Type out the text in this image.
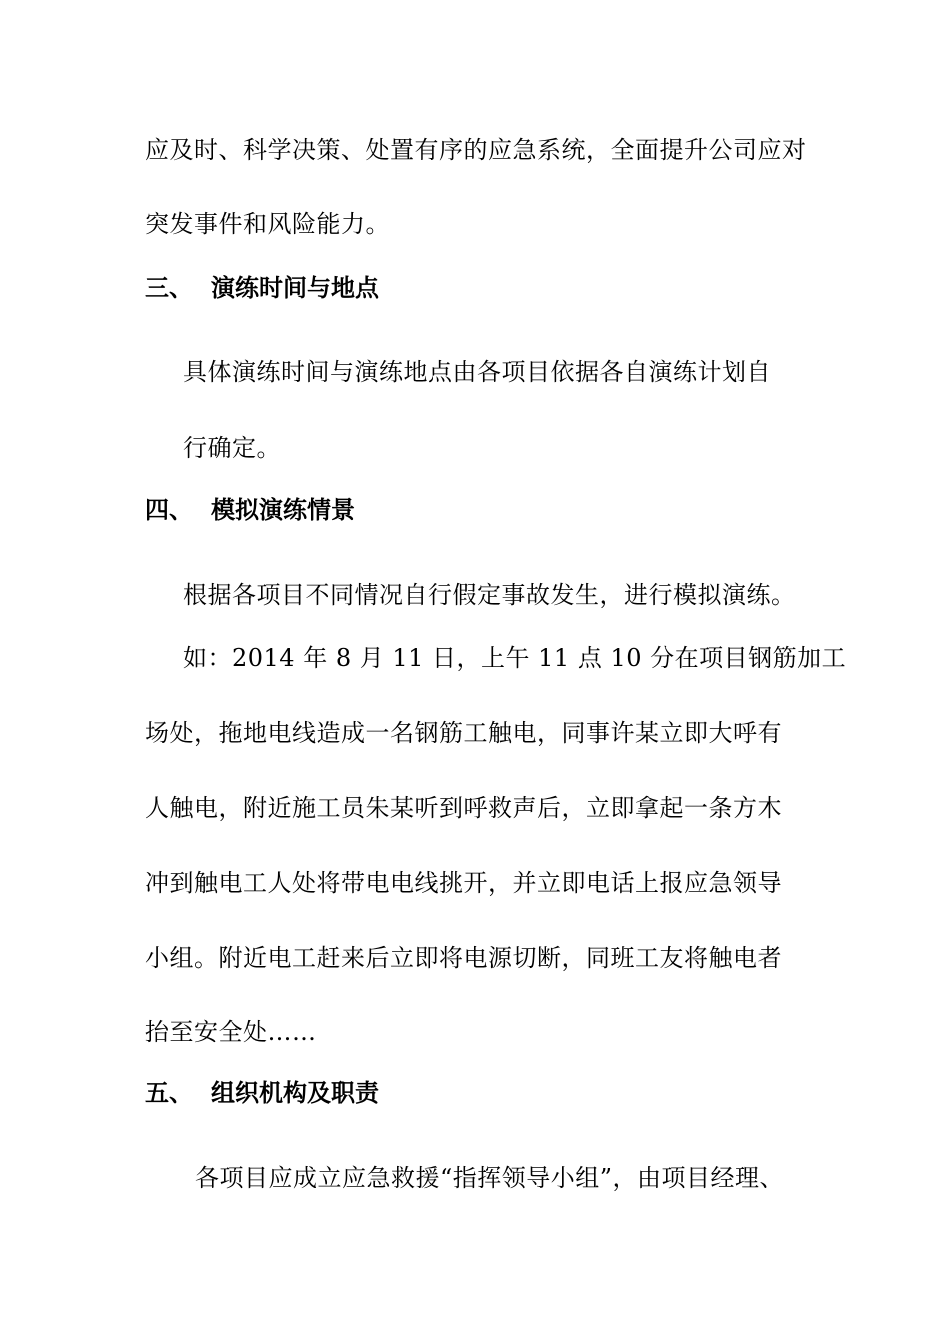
应及时、科学决策、处置有序的应急系统，全面提升公司应对
突发事件和风险能力。
三、 演练时间与地点
具体演练时间与演练地点由各项目依据各自演练计划自
行确定。
四、 模拟演练情景
根据各项目不同情况自行假定事故发生，进行模拟演练。
如：2014 年 8 月 11 日，上午 11 点 10 分在项目钢筋加工
场处，拖地电线造成一名钢筋工触电，同事许某立即大呼有
人触电，附近施工员朱某听到呼救声后，立即拿起一条方木
冲到触电工人处将带电电线挑开，并立即电话上报应急领导
小组。附近电工赶来后立即将电源切断，同班工友将触电者
抬至安全处……
五、 组织机构及职责
各项目应成立应急救援“指挥领导小组”，由项目经理、
